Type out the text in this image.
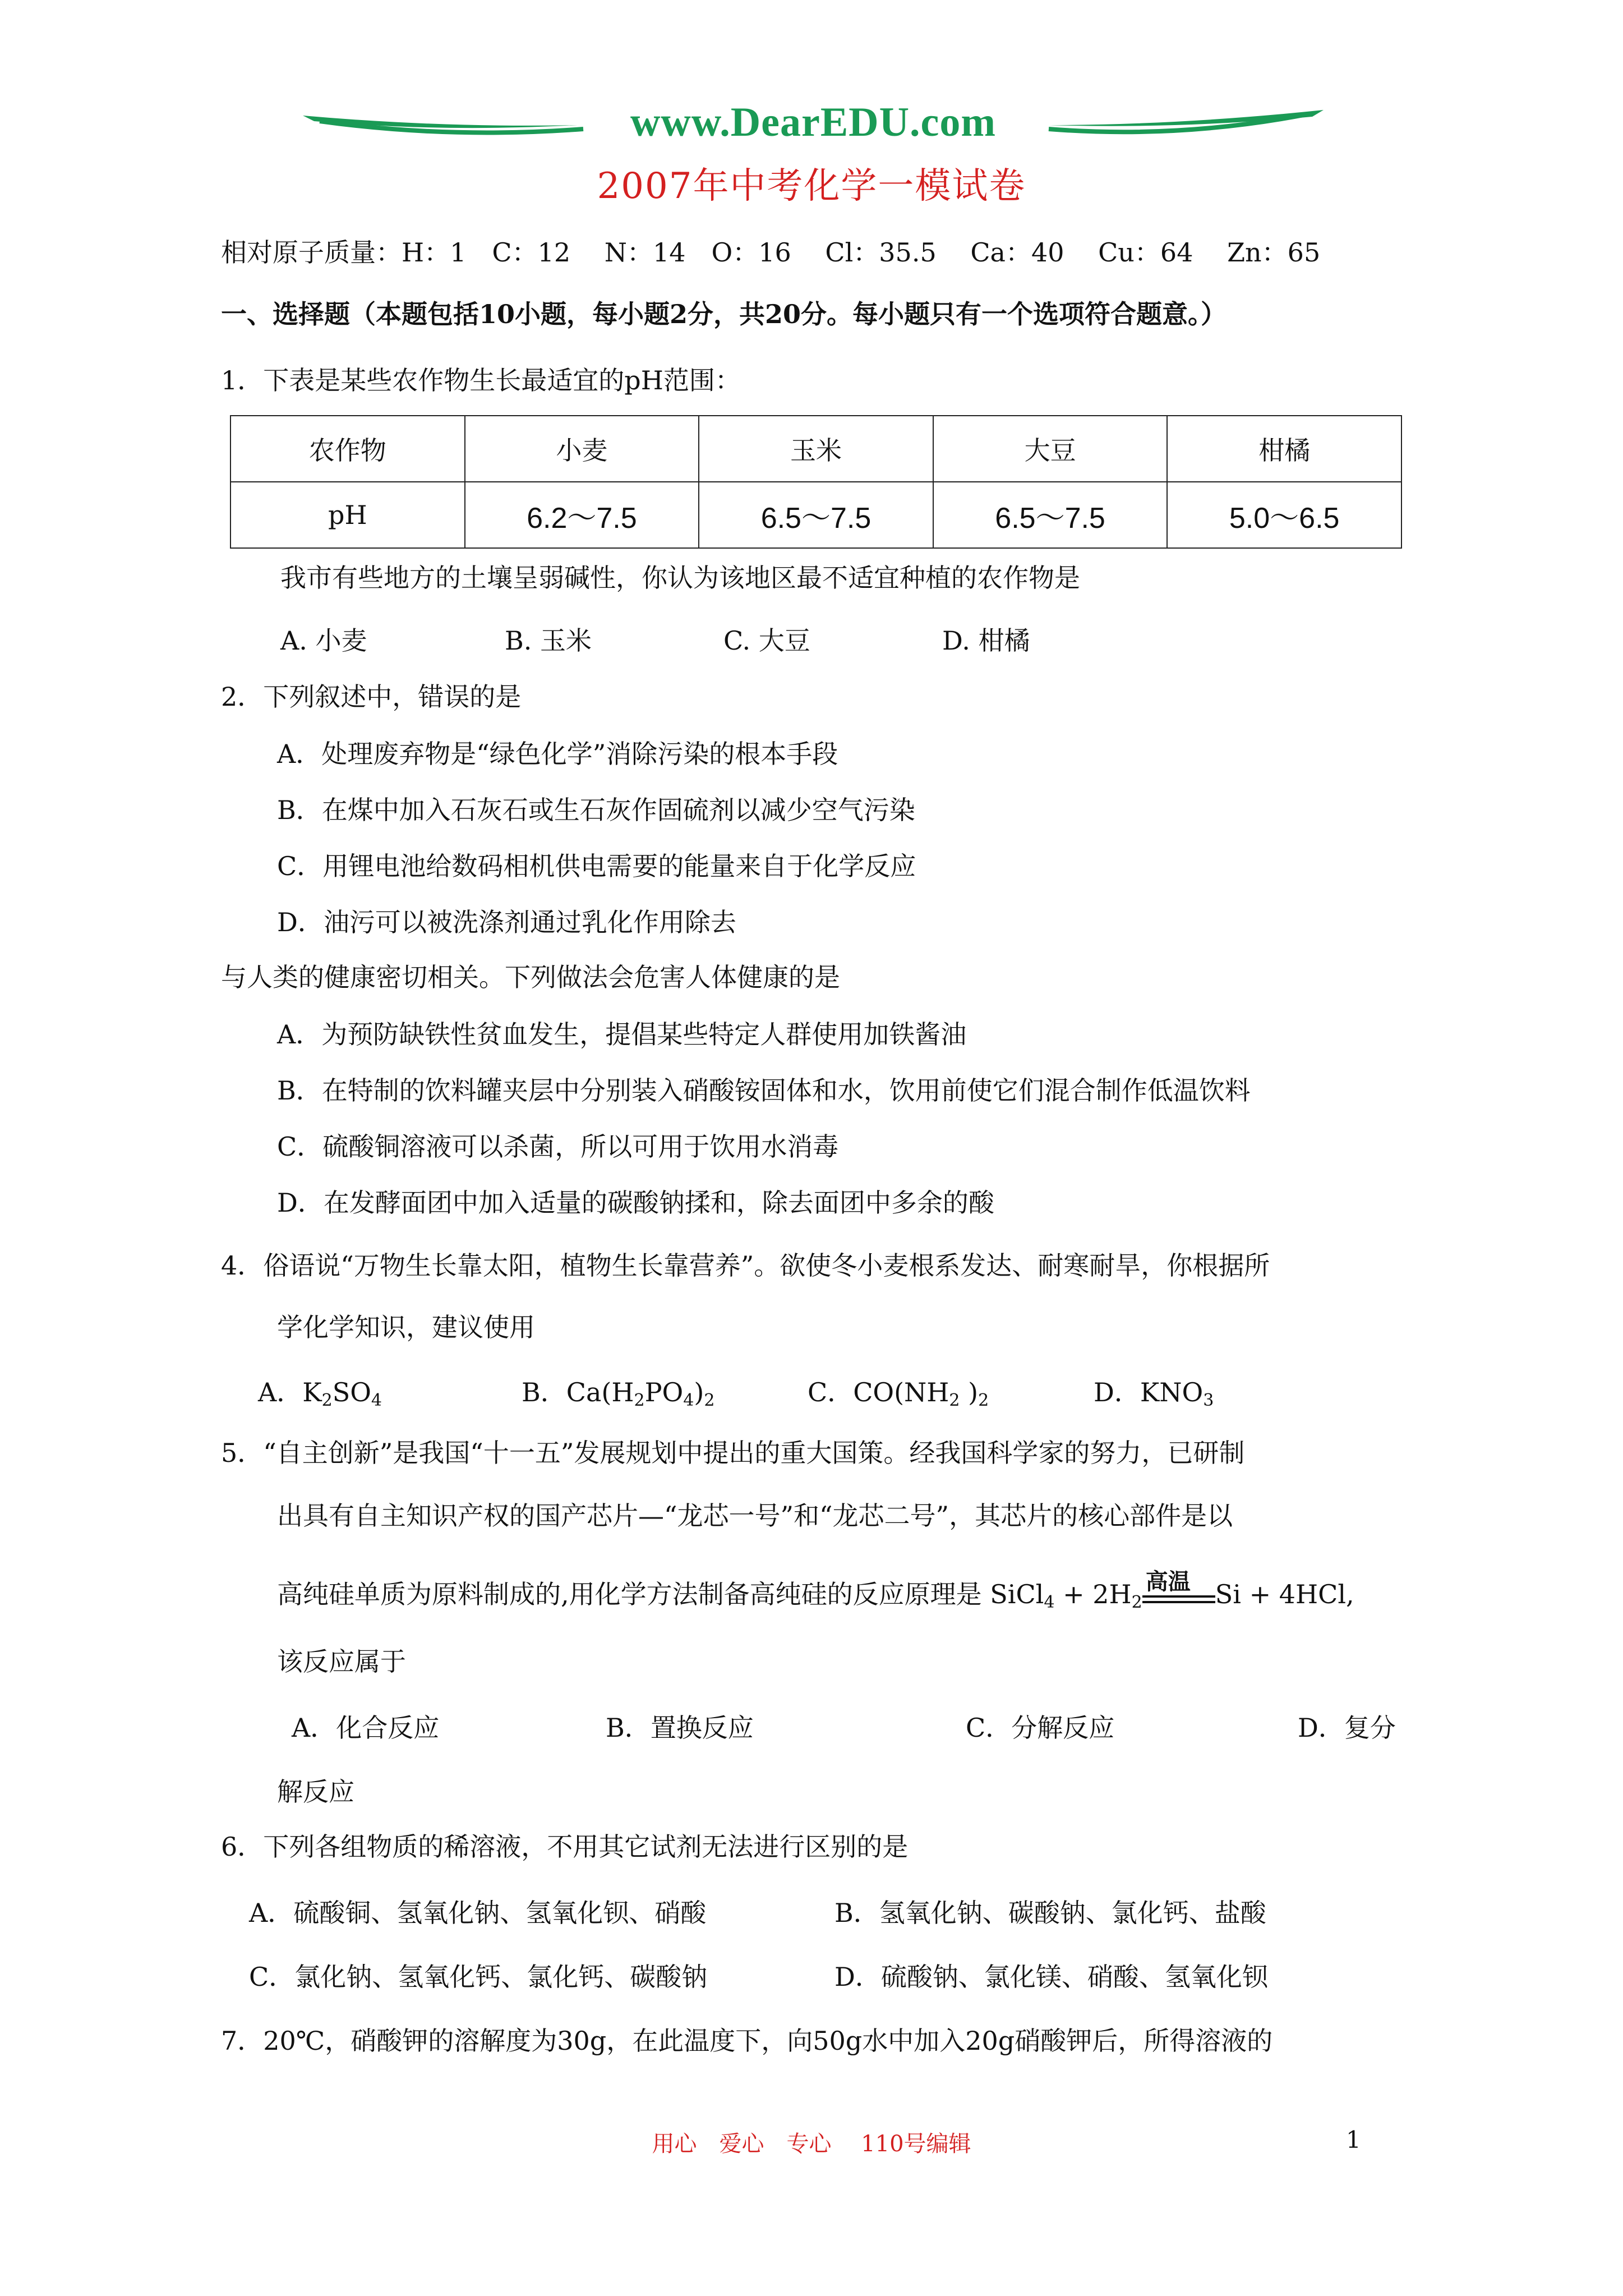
www.DearEDU.com
2007年中考化学一模试卷
相对原子质量：H：1　C：12　 N：14　O：16　 Cl：35.5　 Ca：40　 Cu：64　 Zn：65
一、选择题（本题包括10小题，每小题2分，共20分。每小题只有一个选项符合题意。）
1．下表是某些农作物生长最适宜的pH范围：
农作物	小麦	玉米	大豆	柑橘
pH	6.2～7.5	6.5～7.5	6.5～7.5	5.0～6.5
我市有些地方的土壤呈弱碱性，你认为该地区最不适宜种植的农作物是
A. 小麦	B. 玉米	C. 大豆	D. 柑橘
2．下列叙述中，错误的是
A．处理废弃物是“绿色化学”消除污染的根本手段
B．在煤中加入石灰石或生石灰作固硫剂以减少空气污染
C．用锂电池给数码相机供电需要的能量来自于化学反应
D．油污可以被洗涤剂通过乳化作用除去
与人类的健康密切相关。下列做法会危害人体健康的是
A．为预防缺铁性贫血发生，提倡某些特定人群使用加铁酱油
B．在特制的饮料罐夹层中分别装入硝酸铵固体和水，饮用前使它们混合制作低温饮料
C．硫酸铜溶液可以杀菌，所以可用于饮用水消毒
D．在发酵面团中加入适量的碳酸钠揉和，除去面团中多余的酸
4．俗语说“万物生长靠太阳，植物生长靠营养”。欲使冬小麦根系发达、耐寒耐旱，你根据所
学化学知识，建议使用
A．$K_2SO_4$	B．$Ca(H_2PO_4)_2$	C．$CO(NH_2$ )$_2$	D．$KNO_3$
5．“自主创新”是我国“十一五”发展规划中提出的重大国策。经我国科学家的努力，已研制
出具有自主知识产权的国产芯片—“龙芯一号”和“龙芯二号”，其芯片的核心部件是以
高纯硅单质为原料制成的,用化学方法制备高纯硅的反应原理是 SiCl$_4$ + $2H_2$
高温 Si + 4HCl,
该反应属于
A．化合反应	B．置换反应	C．分解反应	D．复分
解反应
6．下列各组物质的稀溶液，不用其它试剂无法进行区别的是
A．硫酸铜、氢氧化钠、氢氧化钡、硝酸	B．氢氧化钠、碳酸钠、氯化钙、盐酸
C．氯化钠、氢氧化钙、氯化钙、碳酸钠	D．硫酸钠、氯化镁、硝酸、氢氧化钡
7．20℃，硝酸钾的溶解度为30g，在此温度下，向50g水中加入20g硝酸钾后，所得溶液的
用心　爱心　专心　 110号编辑	1
